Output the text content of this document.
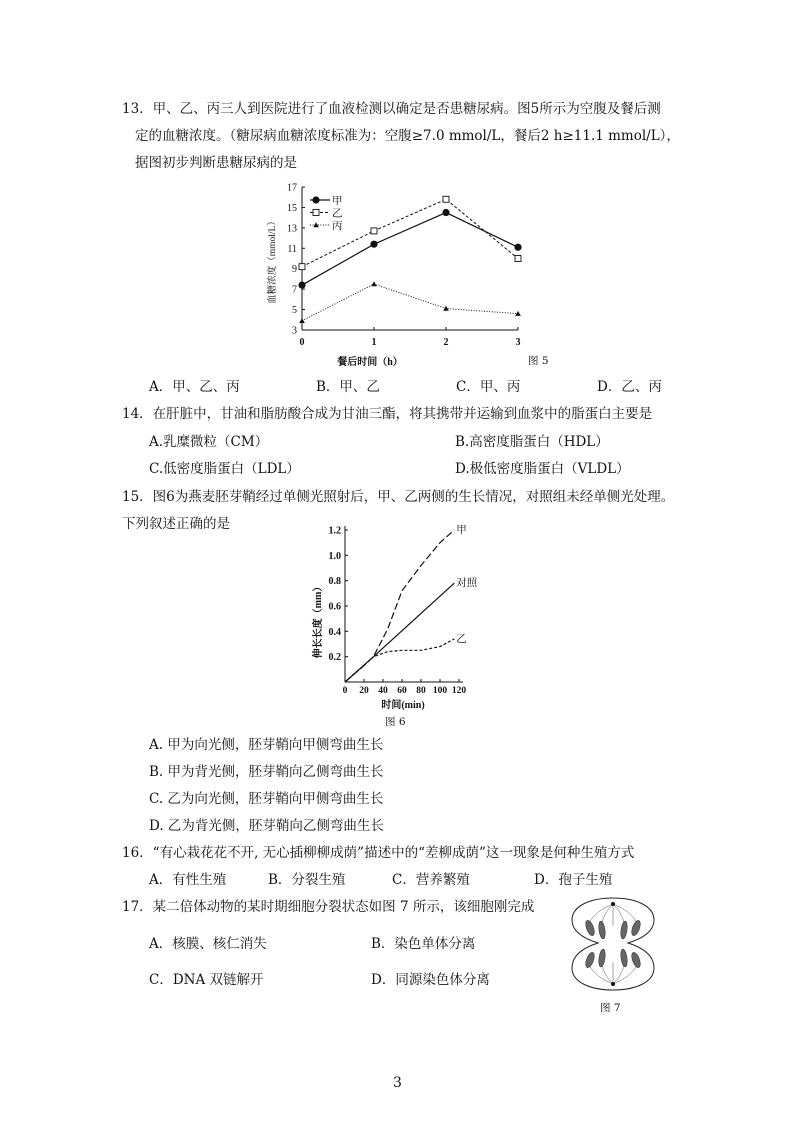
13．甲、乙、丙三人到医院进行了血液检测以确定是否患糖尿病。图5所示为空腹及餐后测
定的血糖浓度。（糖尿病血糖浓度标准为：空腹≥7.0 mmol/L，餐后2 h≥11.1 mmol/L），
据图初步判断患糖尿病的是
3
5
7
9
11
13
15
17
0	1	2	3
甲
乙
丙
血糖浓度（mmol/L）
餐后时间（h）	图 5
A．甲、乙、丙	B．甲、乙	C．甲、丙	D．乙、丙
14．在肝脏中，甘油和脂肪酸合成为甘油三酯，将其携带并运输到血浆中的脂蛋白主要是
A.乳糜微粒（CM）	B.高密度脂蛋白（HDL）
C.低密度脂蛋白（LDL）	D.极低密度脂蛋白（VLDL）
15．图6为燕麦胚芽鞘经过单侧光照射后，甲、乙两侧的生长情况，对照组未经单侧光处理。
下列叙述正确的是
0.2
0.4
0.6
0.8
1.0
1.2
0 20 40 60 80 100 120
甲
对照
乙
伸长长度（mm）
时间(min)
图 6
A. 甲为向光侧，胚芽鞘向甲侧弯曲生长
B. 甲为背光侧，胚芽鞘向乙侧弯曲生长
C. 乙为向光侧，胚芽鞘向甲侧弯曲生长
D. 乙为背光侧，胚芽鞘向乙侧弯曲生长
16．“有心栽花花不开, 无心插柳柳成荫”描述中的“差柳成荫”这一现象是何种生殖方式
A．有性生殖	B．分裂生殖	C．营养繁殖	D．孢子生殖
17．某二倍体动物的某时期细胞分裂状态如图 7 所示，该细胞刚完成
A．核膜、核仁消失	B．染色单体分离
C．DNA 双链解开	D．同源染色体分离
图 7
3
